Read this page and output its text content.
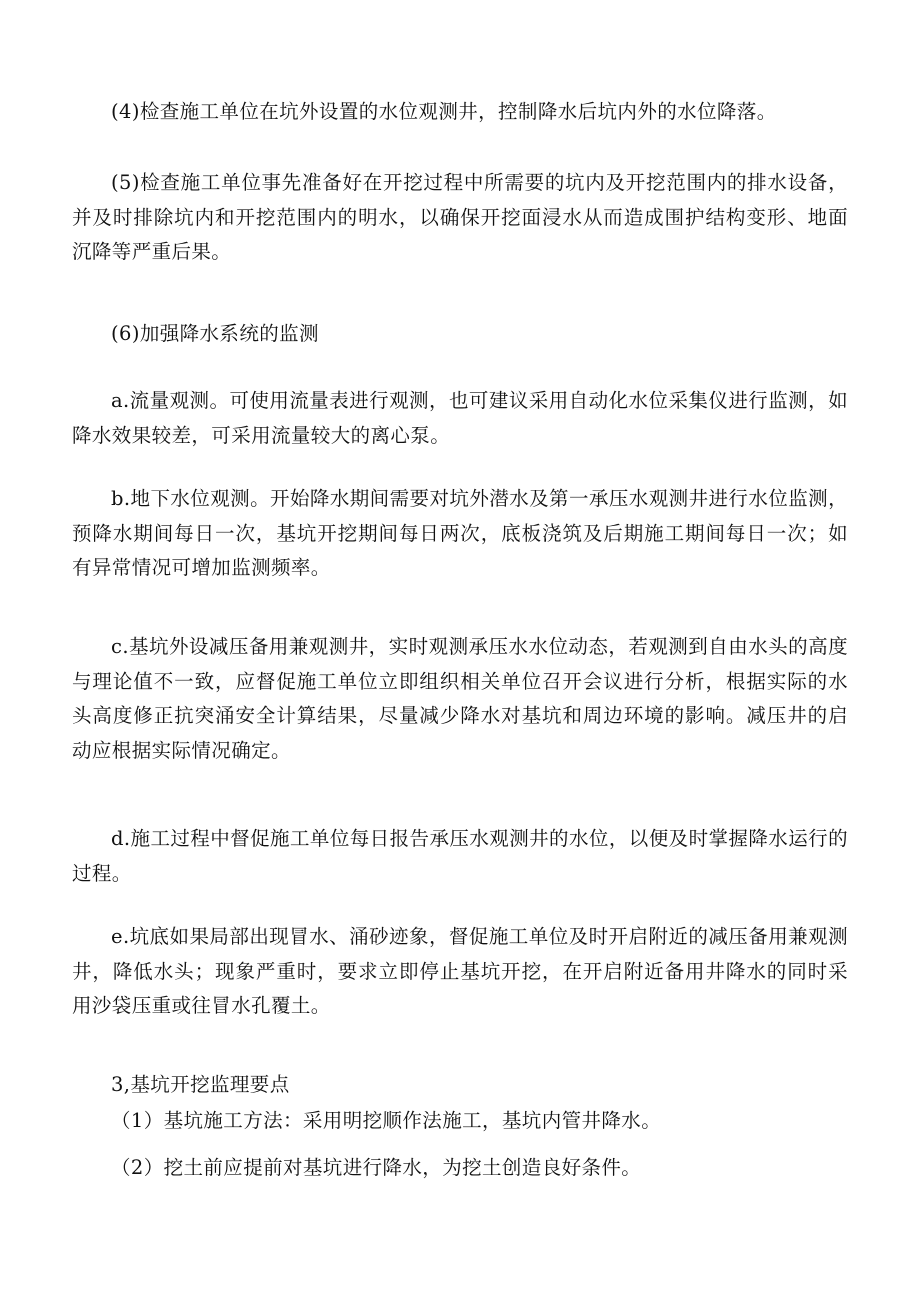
(4)检查施工单位在坑外设置的水位观测井，控制降水后坑内外的水位降落。

(5)检查施工单位事先准备好在开挖过程中所需要的坑内及开挖范围内的排水设备，并及时排除坑内和开挖范围内的明水，以确保开挖面浸水从而造成围护结构变形、地面沉降等严重后果。

(6)加强降水系统的监测

a.流量观测。可使用流量表进行观测，也可建议采用自动化水位采集仪进行监测，如降水效果较差，可采用流量较大的离心泵。

b.地下水位观测。开始降水期间需要对坑外潜水及第一承压水观测井进行水位监测，预降水期间每日一次，基坑开挖期间每日两次，底板浇筑及后期施工期间每日一次；如有异常情况可增加监测频率。

c.基坑外设减压备用兼观测井，实时观测承压水水位动态，若观测到自由水头的高度与理论值不一致，应督促施工单位立即组织相关单位召开会议进行分析，根据实际的水头高度修正抗突涌安全计算结果，尽量减少降水对基坑和周边环境的影响。减压井的启动应根据实际情况确定。

d.施工过程中督促施工单位每日报告承压水观测井的水位，以便及时掌握降水运行的过程。

e.坑底如果局部出现冒水、涌砂迹象，督促施工单位及时开启附近的减压备用兼观测井，降低水头；现象严重时，要求立即停止基坑开挖，在开启附近备用井降水的同时采用沙袋压重或往冒水孔覆土。

3,基坑开挖监理要点

（1）基坑施工方法：采用明挖顺作法施工，基坑内管井降水。

（2）挖土前应提前对基坑进行降水，为挖土创造良好条件。
